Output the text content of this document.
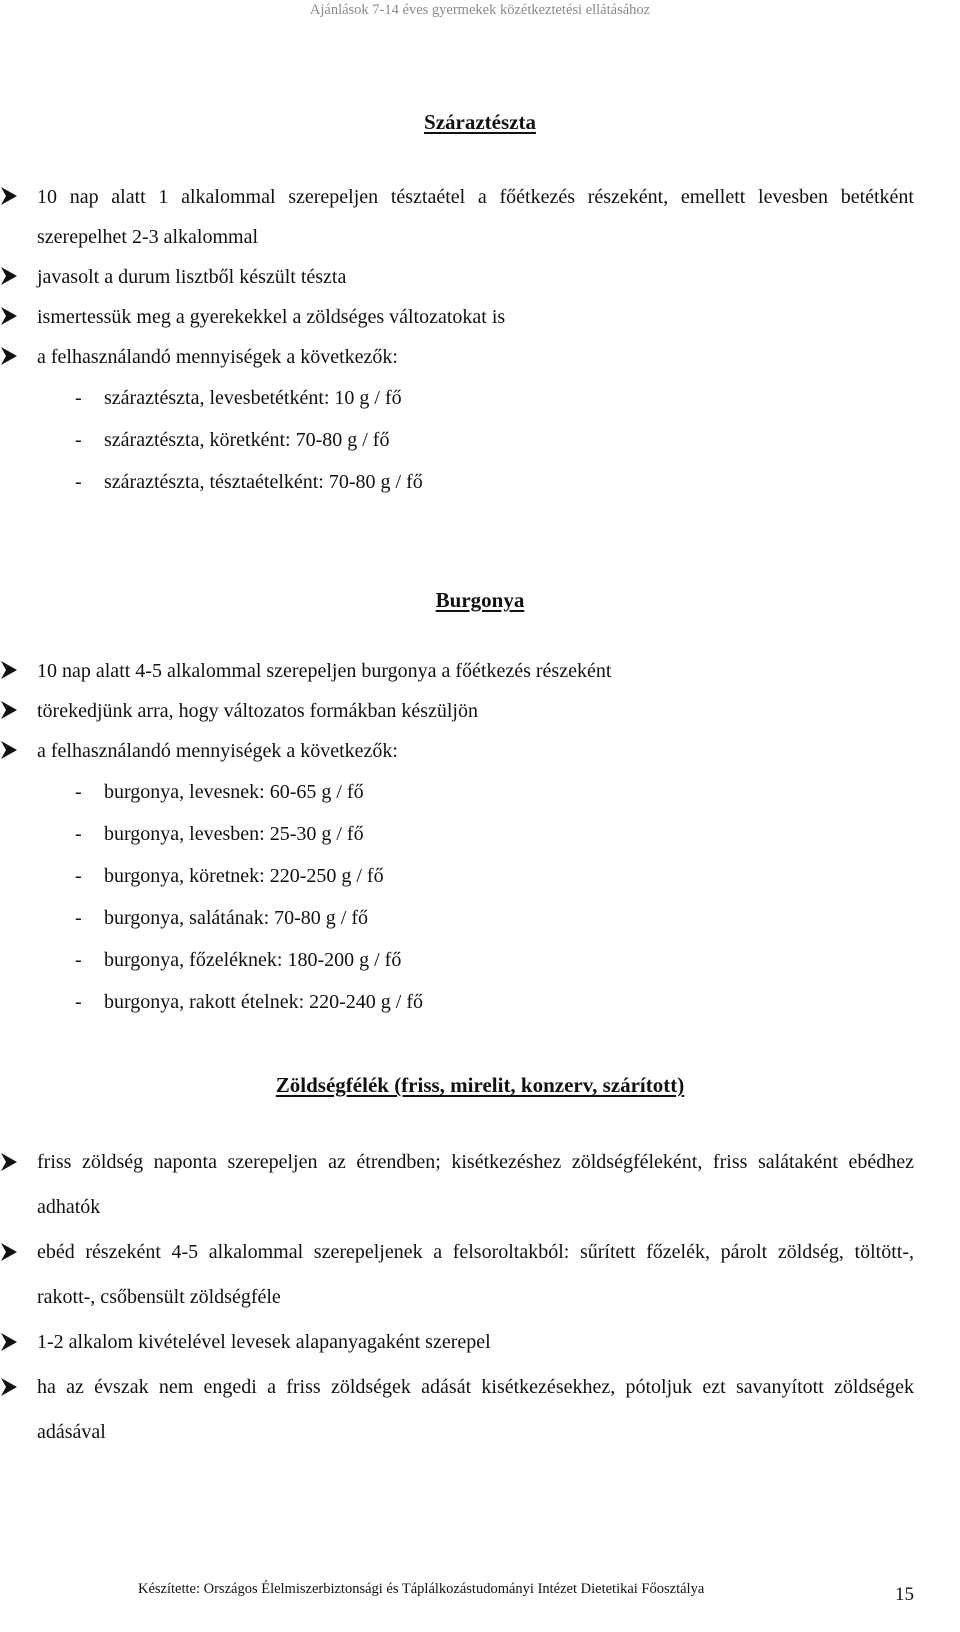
Ajánlások 7-14 éves gyermekek közétkeztetési ellátásához
Száraztészta
10 nap alatt 1 alkalommal szerepeljen tésztaétel a főétkezés részeként, emellett levesben betétként szerepelhet 2-3 alkalommal
javasolt a durum lisztből készült tészta
ismertessük meg a gyerekekkel a zöldséges változatokat is
a felhasználandó mennyiségek a következők:
- száraztészta, levesbetétként: 10 g / fő
- száraztészta, köretként: 70-80 g / fő
- száraztészta, tésztaételként: 70-80 g / fő
Burgonya
10 nap alatt 4-5 alkalommal szerepeljen burgonya a főétkezés részeként
törekedjünk arra, hogy változatos formákban készüljön
a felhasználandó mennyiségek a következők:
- burgonya, levesnek: 60-65 g / fő
- burgonya, levesben: 25-30 g / fő
- burgonya, köretnek: 220-250 g / fő
- burgonya, salátának: 70-80 g / fő
- burgonya, főzeléknek: 180-200 g / fő
- burgonya, rakott ételnek: 220-240 g / fő
Zöldségfélék (friss, mirelit, konzerv, szárított)
friss zöldség naponta szerepeljen az étrendben; kisétkezéshez zöldségféleként, friss salátaként ebédhez adhatók
ebéd részeként 4-5 alkalommal szerepeljenek a felsoroltakból: sűrített főzelék, párolt zöldség, töltött-, rakott-, csőbensült zöldségféle
1-2 alkalom kivételével levesek alapanyagaként szerepel
ha az évszak nem engedi a friss zöldségek adását kisétkezésekhez, pótoljuk ezt savanyított zöldségek adásával
Készítette: Országos Élelmiszerbiztonsági és Táplálkozástudományi Intézet Dietetikai Főosztálya	15
